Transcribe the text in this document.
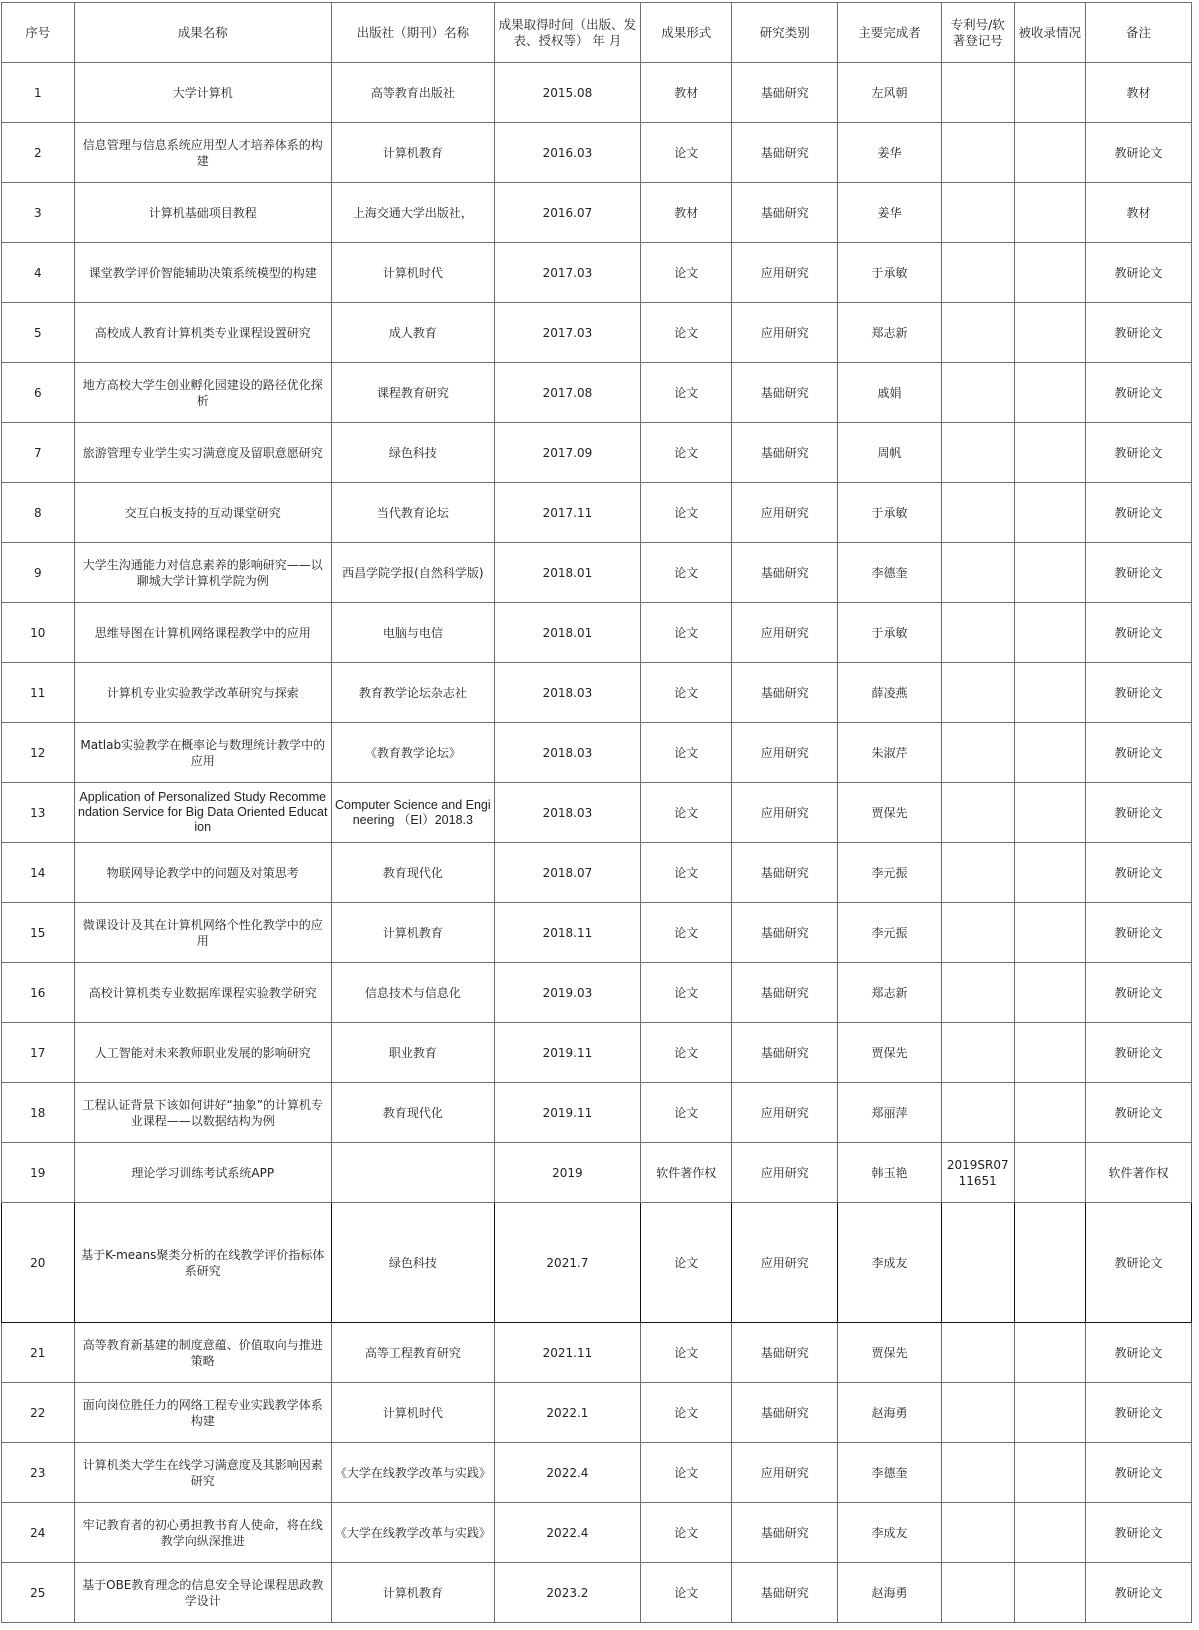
序号	成果名称	出版社（期刊）名称	成果取得时间（出版、发表、授权等） 年 月	成果形式	研究类别	主要完成者	专利号/软著登记号	被收录情况	备注
1	大学计算机	高等教育出版社	2015.08	教材	基础研究	左风朝			教材
2	信息管理与信息系统应用型人才培养体系的构建	计算机教育	2016.03	论文	基础研究	姜华			教研论文
3	计算机基础项目教程	上海交通大学出版社，	2016.07	教材	基础研究	姜华			教材
4	课堂教学评价智能辅助决策系统模型的构建	计算机时代	2017.03	论文	应用研究	于承敏			教研论文
5	高校成人教育计算机类专业课程设置研究	成人教育	2017.03	论文	应用研究	郑志新			教研论文
6	地方高校大学生创业孵化园建设的路径优化探析	课程教育研究	2017.08	论文	基础研究	戚娟			教研论文
7	旅游管理专业学生实习满意度及留职意愿研究	绿色科技	2017.09	论文	基础研究	周帆			教研论文
8	交互白板支持的互动课堂研究	当代教育论坛	2017.11	论文	应用研究	于承敏			教研论文
9	大学生沟通能力对信息素养的影响研究——以聊城大学计算机学院为例	西昌学院学报(自然科学版)	2018.01	论文	基础研究	李德奎			教研论文
10	思维导图在计算机网络课程教学中的应用	电脑与电信	2018.01	论文	应用研究	于承敏			教研论文
11	计算机专业实验教学改革研究与探索	教育教学论坛杂志社	2018.03	论文	基础研究	薛凌燕			教研论文
12	Matlab实验教学在概率论与数理统计教学中的应用	《教育教学论坛》	2018.03	论文	应用研究	朱淑芹			教研论文
13	Application of Personalized Study Recommendation Service for Big Data Oriented Education	Computer Science and Engineering （EI）2018.3	2018.03	论文	应用研究	贾保先			教研论文
14	物联网导论教学中的问题及对策思考	教育现代化	2018.07	论文	基础研究	李元振			教研论文
15	微课设计及其在计算机网络个性化教学中的应用	计算机教育	2018.11	论文	基础研究	李元振			教研论文
16	高校计算机类专业数据库课程实验教学研究	信息技术与信息化	2019.03	论文	基础研究	郑志新			教研论文
17	人工智能对未来教师职业发展的影响研究	职业教育	2019.11	论文	基础研究	贾保先			教研论文
18	工程认证背景下该如何讲好“抽象”的计算机专业课程——以数据结构为例	教育现代化	2019.11	论文	应用研究	郑丽萍			教研论文
19	理论学习训练考试系统APP		2019	软件著作权	应用研究	韩玉艳	2019SR0711651		软件著作权
20	基于K-means聚类分析的在线教学评价指标体系研究	绿色科技	2021.7	论文	应用研究	李成友			教研论文
21	高等教育新基建的制度意蕴、价值取向与推进策略	高等工程教育研究	2021.11	论文	基础研究	贾保先			教研论文
22	面向岗位胜任力的网络工程专业实践教学体系构建	计算机时代	2022.1	论文	基础研究	赵海勇			教研论文
23	计算机类大学生在线学习满意度及其影响因素研究	《大学在线教学改革与实践》	2022.4	论文	应用研究	李德奎			教研论文
24	牢记教育者的初心勇担教书育人使命，将在线教学向纵深推进	《大学在线教学改革与实践》	2022.4	论文	基础研究	李成友			教研论文
25	基于OBE教育理念的信息安全导论课程思政教学设计	计算机教育	2023.2	论文	基础研究	赵海勇			教研论文
